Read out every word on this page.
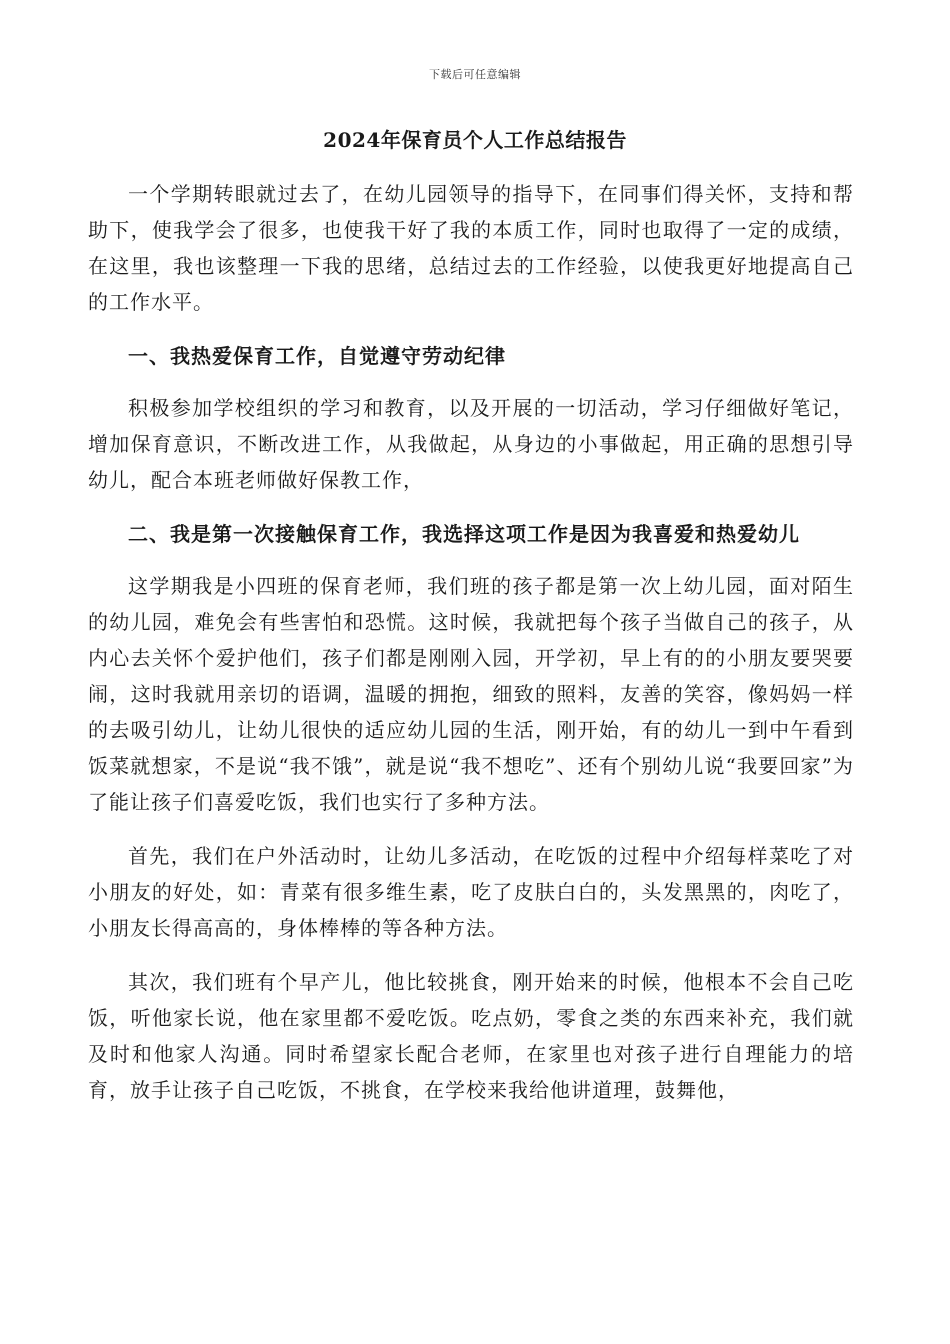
下载后可任意编辑
2024年保育员个人工作总结报告

一个学期转眼就过去了，在幼儿园领导的指导下，在同事们得关怀，支持和帮助下，使我学会了很多，也使我干好了我的本质工作，同时也取得了一定的成绩，在这里，我也该整理一下我的思绪，总结过去的工作经验，以使我更好地提高自己的工作水平。

一、我热爱保育工作，自觉遵守劳动纪律

积极参加学校组织的学习和教育，以及开展的一切活动，学习仔细做好笔记，增加保育意识，不断改进工作，从我做起，从身边的小事做起，用正确的思想引导幼儿，配合本班老师做好保教工作，

二、我是第一次接触保育工作，我选择这项工作是因为我喜爱和热爱幼儿

这学期我是小四班的保育老师，我们班的孩子都是第一次上幼儿园，面对陌生的幼儿园，难免会有些害怕和恐慌。这时候，我就把每个孩子当做自己的孩子，从内心去关怀个爱护他们，孩子们都是刚刚入园，开学初，早上有的的小朋友要哭要闹，这时我就用亲切的语调，温暖的拥抱，细致的照料，友善的笑容，像妈妈一样的去吸引幼儿，让幼儿很快的适应幼儿园的生活，刚开始，有的幼儿一到中午看到饭菜就想家，不是说“我不饿”，就是说“我不想吃”、还有个别幼儿说“我要回家”为了能让孩子们喜爱吃饭，我们也实行了多种方法。

首先，我们在户外活动时，让幼儿多活动，在吃饭的过程中介绍每样菜吃了对小朋友的好处，如：青菜有很多维生素，吃了皮肤白白的，头发黑黑的，肉吃了，小朋友长得高高的，身体棒棒的等各种方法。

其次，我们班有个早产儿，他比较挑食，刚开始来的时候，他根本不会自己吃饭，听他家长说，他在家里都不爱吃饭。吃点奶，零食之类的东西来补充，我们就及时和他家人沟通。同时希望家长配合老师，在家里也对孩子进行自理能力的培育，放手让孩子自己吃饭，不挑食，在学校来我给他讲道理，鼓舞他，
